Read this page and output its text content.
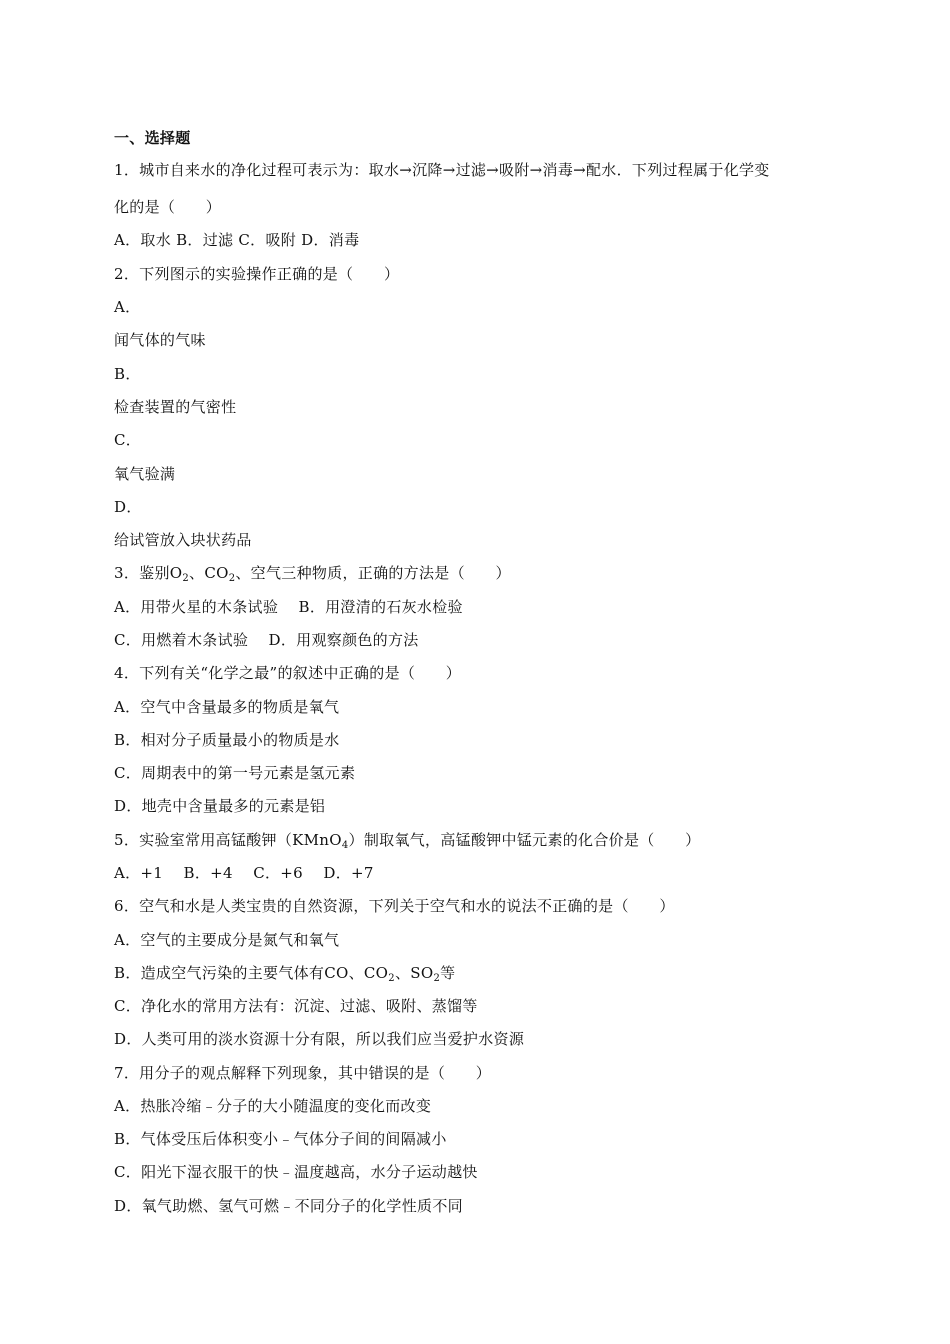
一、选择题
1．城市自来水的净化过程可表示为：取水→沉降→过滤→吸附→消毒→配水．下列过程属于化学变
化的是（　　）
A．取水 B．过滤 C．吸附 D．消毒
2．下列图示的实验操作正确的是（　　）
A．
闻气体的气味
B．
检查装置的气密性
C．
氧气验满
D．
给试管放入块状药品
3．鉴别$O_2$、$CO_2$、空气三种物质，正确的方法是（　　）
A．用带火星的木条试验　 B．用澄清的石灰水检验
C．用燃着木条试验　 D．用观察颜色的方法
4．下列有关“化学之最”的叙述中正确的是（　　）
A．空气中含量最多的物质是氧气
B．相对分子质量最小的物质是水
C．周期表中的第一号元素是氢元素
D．地壳中含量最多的元素是铝
5．实验室常用高锰酸钾（KMnO$_4$）制取氧气，高锰酸钾中锰元素的化合价是（　　）
A．+1　 B．+4　 C．+6　 D．+7
6．空气和水是人类宝贵的自然资源，下列关于空气和水的说法不正确的是（　　）
A．空气的主要成分是氮气和氧气
B．造成空气污染的主要气体有CO、$CO_2$、$SO_2$等
C．净化水的常用方法有：沉淀、过滤、吸附、蒸馏等
D．人类可用的淡水资源十分有限，所以我们应当爱护水资源
7．用分子的观点解释下列现象，其中错误的是（　　）
A．热胀冷缩﹣分子的大小随温度的变化而改变
B．气体受压后体积变小﹣气体分子间的间隔减小
C．阳光下湿衣服干的快﹣温度越高，水分子运动越快
D．氧气助燃、氢气可燃﹣不同分子的化学性质不同
